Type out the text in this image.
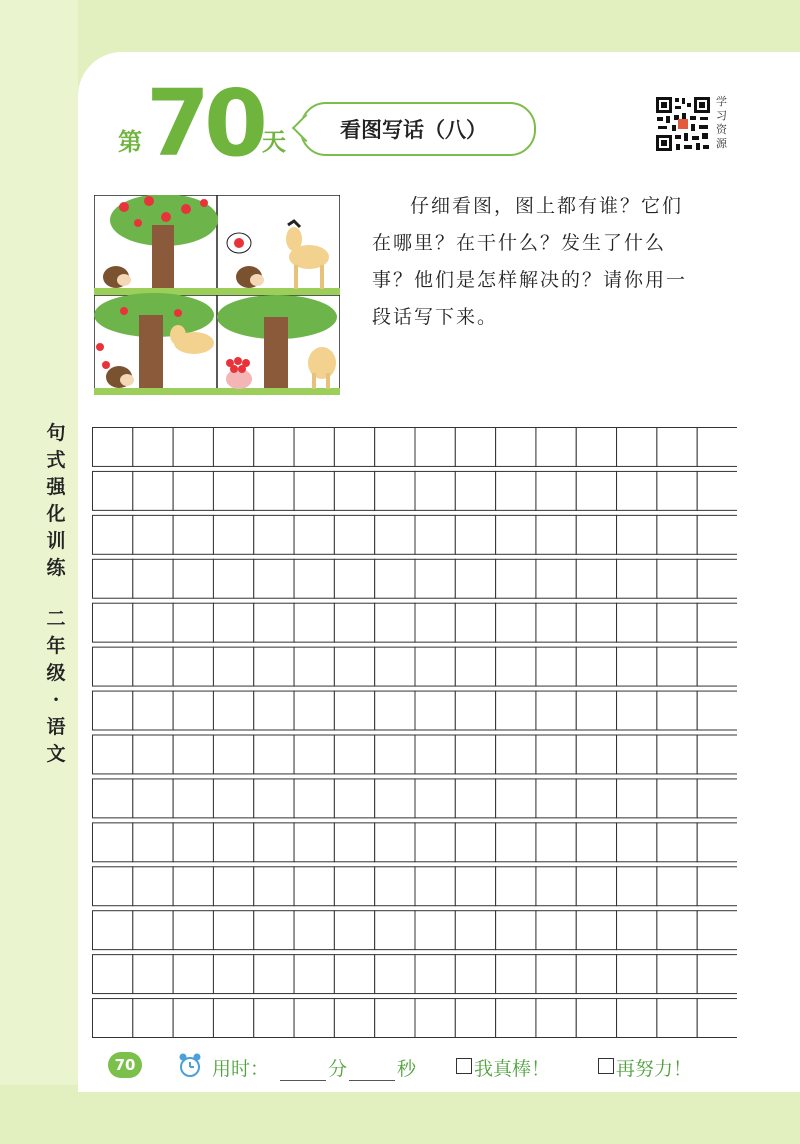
第 70 天	看图写话（八）
学
习
资
源

仔细看图，图上都有谁？它们在哪里？在干什么？发生了什么事？他们是怎样解决的？请你用一段话写下来。

句
式
强
化
训
练
二
年
级
·
语
文
70	用时：	分	秒	我真棒！	再努力！
